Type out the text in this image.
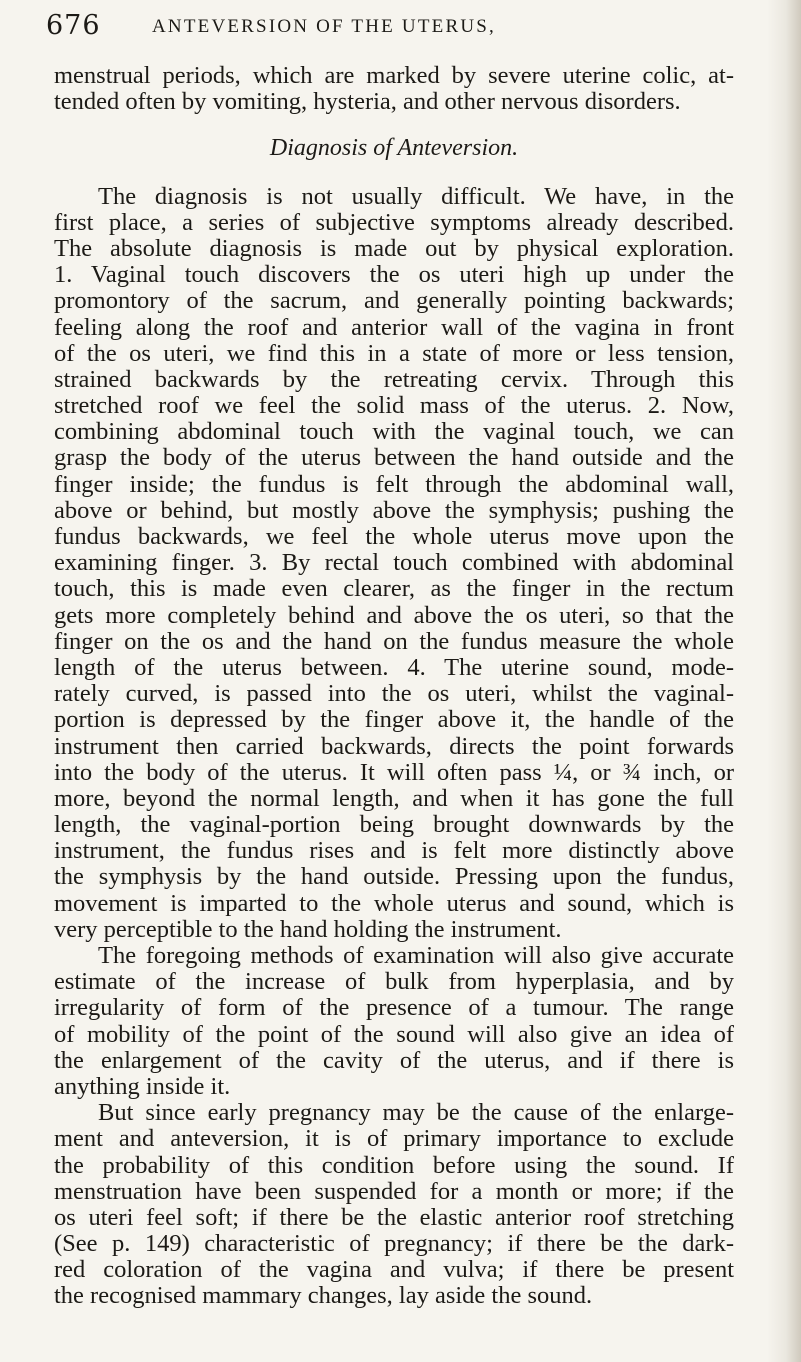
676	ANTEVERSION OF THE UTERUS,
menstrual periods, which are marked by severe uterine colic, at-
tended often by vomiting, hysteria, and other nervous disorders.
Diagnosis of Anteversion.
The diagnosis is not usually difficult. We have, in the
first place, a series of subjective symptoms already described.
The absolute diagnosis is made out by physical exploration.
1. Vaginal touch discovers the os uteri high up under the
promontory of the sacrum, and generally pointing backwards;
feeling along the roof and anterior wall of the vagina in front
of the os uteri, we find this in a state of more or less tension,
strained backwards by the retreating cervix. Through this
stretched roof we feel the solid mass of the uterus. 2. Now,
combining abdominal touch with the vaginal touch, we can
grasp the body of the uterus between the hand outside and the
finger inside; the fundus is felt through the abdominal wall,
above or behind, but mostly above the symphysis; pushing the
fundus backwards, we feel the whole uterus move upon the
examining finger. 3. By rectal touch combined with abdominal
touch, this is made even clearer, as the finger in the rectum
gets more completely behind and above the os uteri, so that the
finger on the os and the hand on the fundus measure the whole
length of the uterus between. 4. The uterine sound, mode-
rately curved, is passed into the os uteri, whilst the vaginal-
portion is depressed by the finger above it, the handle of the
instrument then carried backwards, directs the point forwards
into the body of the uterus. It will often pass ¼, or ¾ inch, or
more, beyond the normal length, and when it has gone the full
length, the vaginal-portion being brought downwards by the
instrument, the fundus rises and is felt more distinctly above
the symphysis by the hand outside. Pressing upon the fundus,
movement is imparted to the whole uterus and sound, which is
very perceptible to the hand holding the instrument.
The foregoing methods of examination will also give accurate
estimate of the increase of bulk from hyperplasia, and by
irregularity of form of the presence of a tumour. The range
of mobility of the point of the sound will also give an idea of
the enlargement of the cavity of the uterus, and if there is
anything inside it.
But since early pregnancy may be the cause of the enlarge-
ment and anteversion, it is of primary importance to exclude
the probability of this condition before using the sound. If
menstruation have been suspended for a month or more; if the
os uteri feel soft; if there be the elastic anterior roof stretching
(See p. 149) characteristic of pregnancy; if there be the dark-
red coloration of the vagina and vulva; if there be present
the recognised mammary changes, lay aside the sound.
